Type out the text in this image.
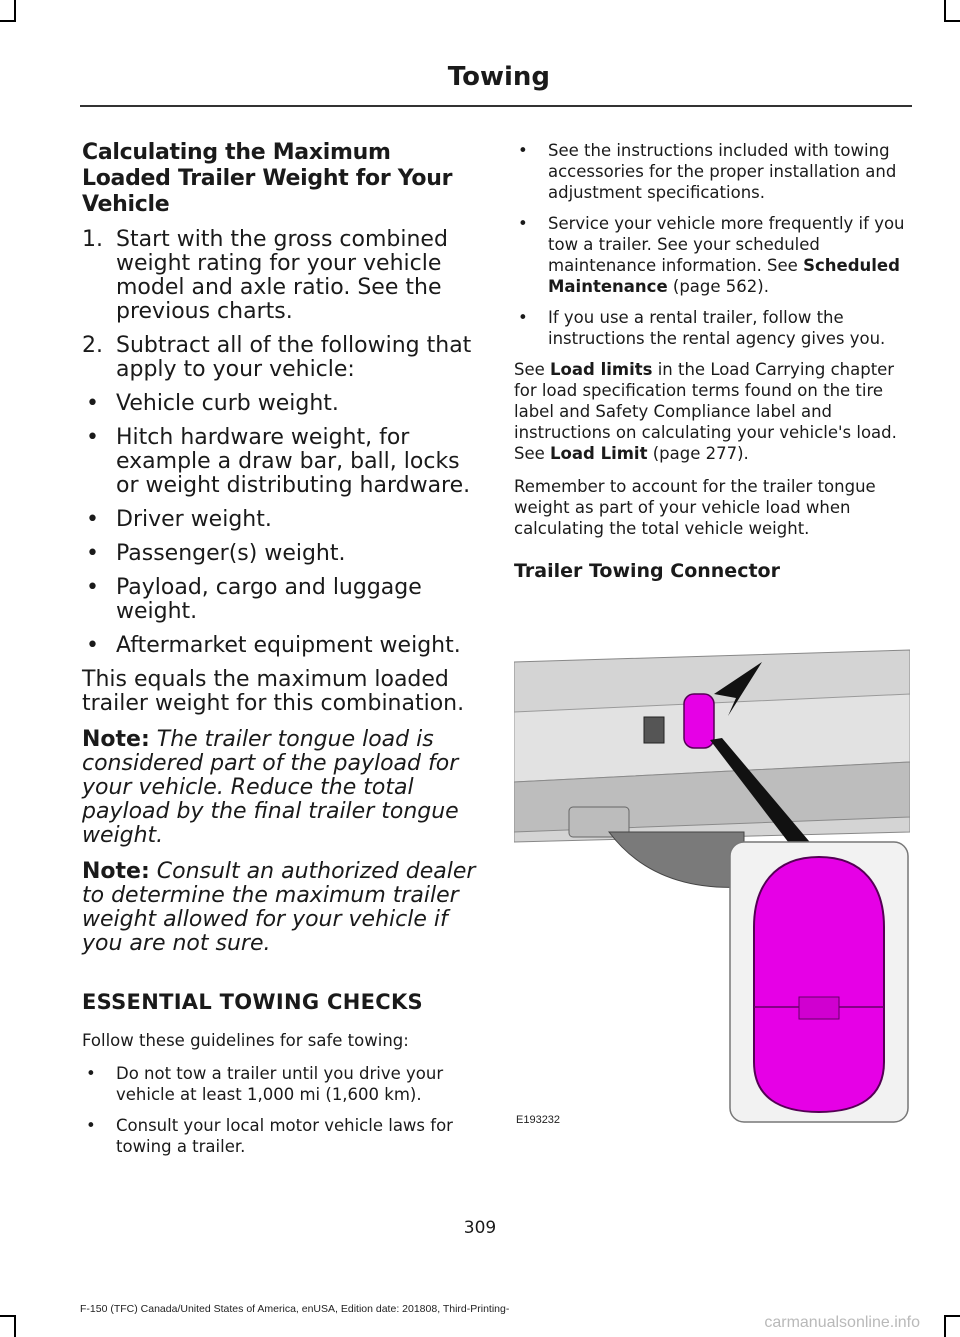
Towing
Calculating the Maximum Loaded Trailer Weight for Your Vehicle
1. Start with the gross combined weight rating for your vehicle model and axle ratio. See the previous charts.
2. Subtract all of the following that apply to your vehicle:
• Vehicle curb weight.
• Hitch hardware weight, for example a draw bar, ball, locks or weight distributing hardware.
• Driver weight.
• Passenger(s) weight.
• Payload, cargo and luggage weight.
• Aftermarket equipment weight.

This equals the maximum loaded trailer weight for this combination.

Note: The trailer tongue load is considered part of the payload for your vehicle. Reduce the total payload by the final trailer tongue weight.

Note: Consult an authorized dealer to determine the maximum trailer weight allowed for your vehicle if you are not sure.

ESSENTIAL TOWING CHECKS

Follow these guidelines for safe towing:

• Do not tow a trailer until you drive your vehicle at least 1,000 mi (1,600 km).
• Consult your local motor vehicle laws for towing a trailer.
• See the instructions included with towing accessories for the proper installation and adjustment specifications.
• Service your vehicle more frequently if you tow a trailer. See your scheduled maintenance information. See Scheduled Maintenance (page 562).
• If you use a rental trailer, follow the instructions the rental agency gives you.

See Load limits in the Load Carrying chapter for load specification terms found on the tire label and Safety Compliance label and instructions on calculating your vehicle's load. See Load Limit (page 277).

Remember to account for the trailer tongue weight as part of your vehicle load when calculating the total vehicle weight.

Trailer Towing Connector
E193232
309
F-150 (TFC) Canada/United States of America, enUSA, Edition date: 201808, Third-Printing-
carmanualsonline.info
